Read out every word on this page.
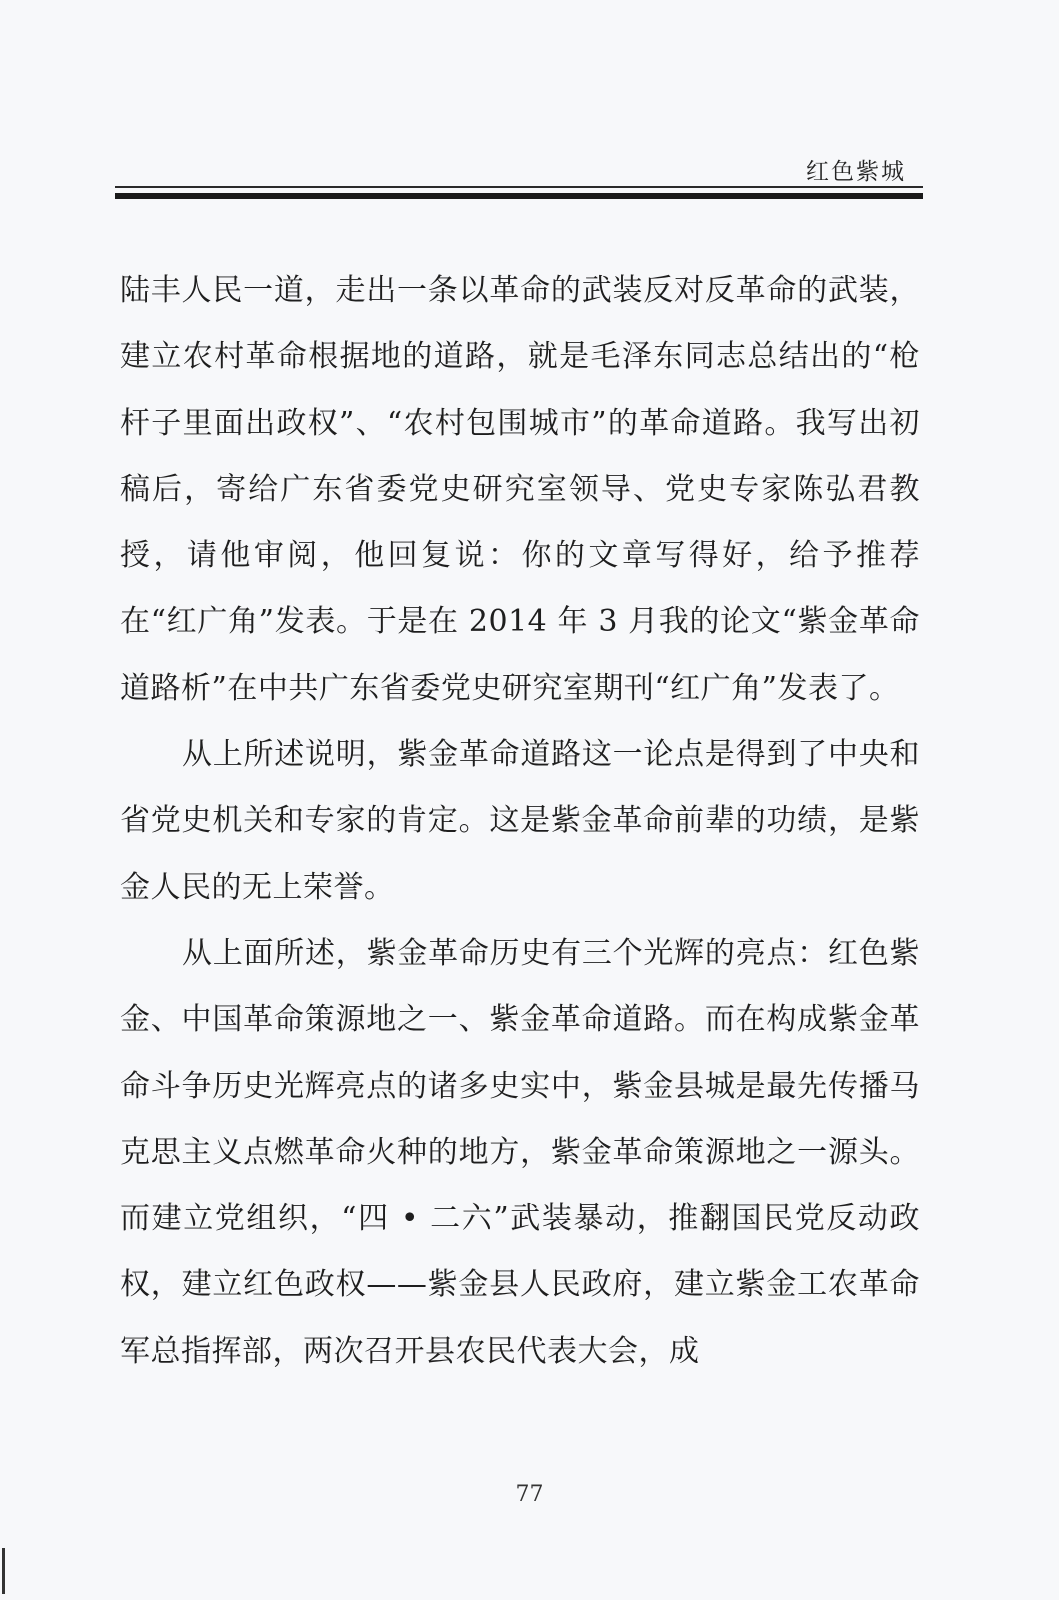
红色紫城

陆丰人民一道，走出一条以革命的武装反对反革命的武装，建立农村革命根据地的道路，就是毛泽东同志总结出的“枪杆子里面出政权”、“农村包围城市”的革命道路。我写出初稿后，寄给广东省委党史研究室领导、党史专家陈弘君教授，请他审阅，他回复说：你的文章写得好，给予推荐在“红广角”发表。于是在 2014 年 3 月我的论文“紫金革命道路析”在中共广东省委党史研究室期刊“红广角”发表了。

从上所述说明，紫金革命道路这一论点是得到了中央和省党史机关和专家的肯定。这是紫金革命前辈的功绩，是紫金人民的无上荣誉。

从上面所述，紫金革命历史有三个光辉的亮点：红色紫金、中国革命策源地之一、紫金革命道路。而在构成紫金革命斗争历史光辉亮点的诸多史实中，紫金县城是最先传播马克思主义点燃革命火种的地方，紫金革命策源地之一源头。而建立党组织，“四 • 二六”武装暴动，推翻国民党反动政权，建立红色政权——紫金县人民政府，建立紫金工农革命军总指挥部，两次召开县农民代表大会，成

77
